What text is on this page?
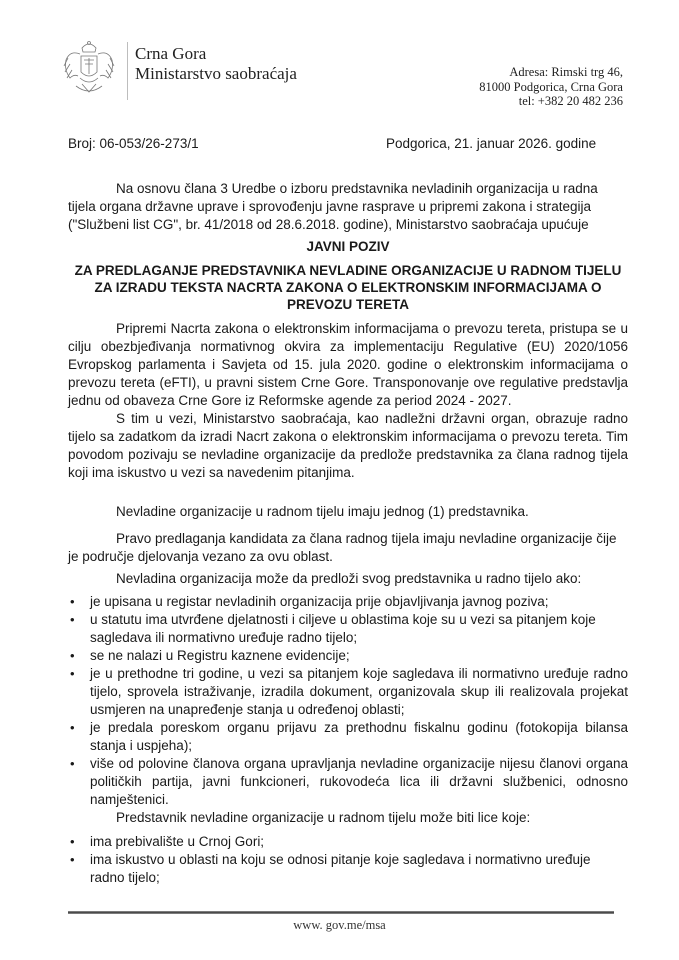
Crna Gora
Ministarstvo saobraćaja	Adresa: Rimski trg 46,
81000 Podgorica, Crna Gora
tel: +382 20 482 236
Broj: 06-053/26-273/1	Podgorica, 21. januar 2026. godine

Na osnovu člana 3 Uredbe o izboru predstavnika nevladinih organizacija u radna tijela organa državne uprave i sprovođenju javne rasprave u pripremi zakona i strategija ("Službeni list CG", br. 41/2018 od 28.6.2018. godine), Ministarstvo saobraćaja upućuje

JAVNI POZIV
ZA PREDLAGANJE PREDSTAVNIKA NEVLADINE ORGANIZACIJE U RADNOM TIJELU
ZA IZRADU TEKSTA NACRTA ZAKONA O ELEKTRONSKIM INFORMACIJAMA O
PREVOZU TERETA

Pripremi Nacrta zakona o elektronskim informacijama o prevozu tereta, pristupa se u cilju obezbjeđivanja normativnog okvira za implementaciju Regulative (EU) 2020/1056 Evropskog parlamenta i Savjeta od 15. jula 2020. godine o elektronskim informacijama o prevozu tereta (eFTI), u pravni sistem Crne Gore. Transponovanje ove regulative predstavlja jednu od obaveza Crne Gore iz Reformske agende za period 2024 - 2027.

S tim u vezi, Ministarstvo saobraćaja, kao nadležni državni organ, obrazuje radno tijelo sa zadatkom da izradi Nacrt zakona o elektronskim informacijama o prevozu tereta. Tim povodom pozivaju se nevladine organizacije da predlože predstavnika za člana radnog tijela koji ima iskustvo u vezi sa navedenim pitanjima.

Nevladine organizacije u radnom tijelu imaju jednog (1) predstavnika.

Pravo predlaganja kandidata za člana radnog tijela imaju nevladine organizacije čije je područje djelovanja vezano za ovu oblast.

Nevladina organizacija može da predloži svog predstavnika u radno tijelo ako:

• je upisana u registar nevladinih organizacija prije objavljivanja javnog poziva;
• u statutu ima utvrđene djelatnosti i ciljeve u oblastima koje su u vezi sa pitanjem koje sagledava ili normativno uređuje radno tijelo;
• se ne nalazi u Registru kaznene evidencije;
• je u prethodne tri godine, u vezi sa pitanjem koje sagledava ili normativno uređuje radno tijelo, sprovela istraživanje, izradila dokument, organizovala skup ili realizovala projekat usmjeren na unapređenje stanja u određenoj oblasti;
• je predala poreskom organu prijavu za prethodnu fiskalnu godinu (fotokopija bilansa stanja i uspjeha);
• više od polovine članova organa upravljanja nevladine organizacije nijesu članovi organa političkih partija, javni funkcioneri, rukovodeća lica ili državni službenici, odnosno namještenici.

Predstavnik nevladine organizacije u radnom tijelu može biti lice koje:

• ima prebivalište u Crnoj Gori;
• ima iskustvo u oblasti na koju se odnosi pitanje koje sagledava i normativno uređuje radno tijelo;
www. gov.me/msa
